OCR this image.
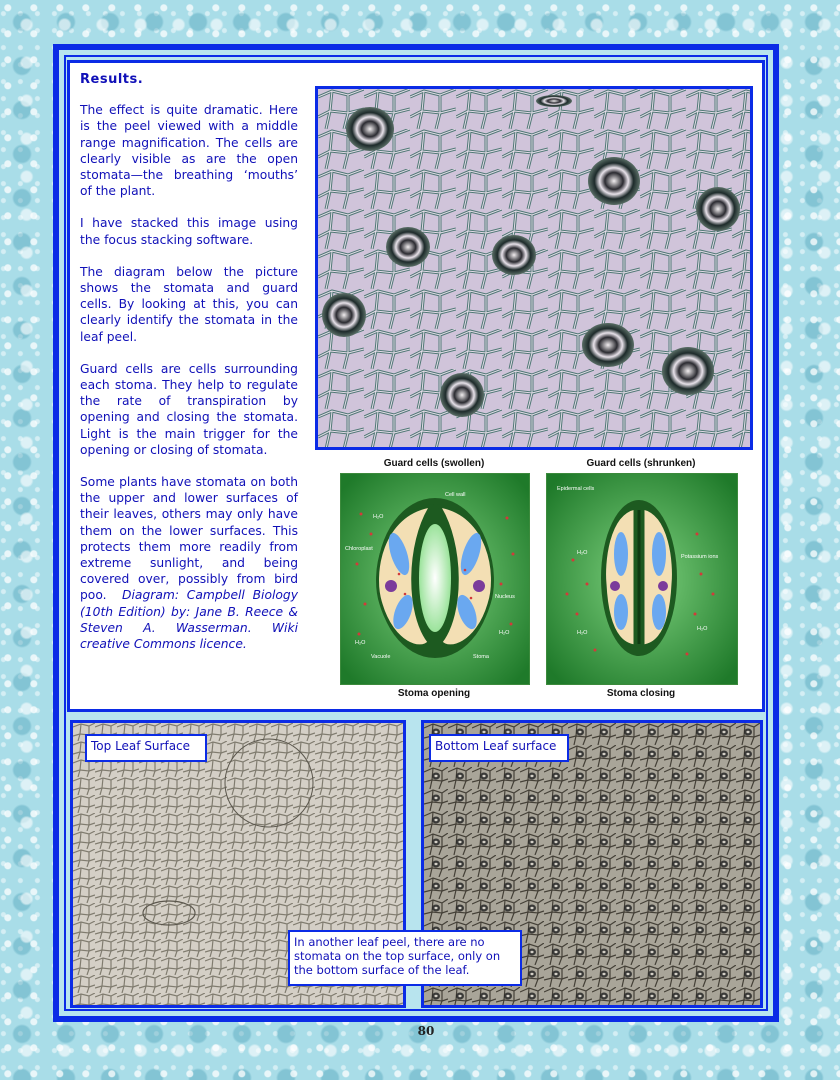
Results.

The effect is quite dramatic. Here is the peel viewed with a middle range magnification. The cells are clearly visible as are the open stomata—the breathing ‘mouths’ of the plant.

I have stacked this image using the focus stacking software.

The diagram below the picture shows the stomata and guard cells. By looking at this, you can clearly identify the stomata in the leaf peel.

Guard cells are cells surrounding each stoma. They help to regulate the rate of transpiration by opening and closing the stomata. Light is the main trigger for the opening or closing of stomata.

Some plants have stomata on both the upper and lower surfaces of their leaves, others may only have them on the lower surfaces. This protects them more readily from extreme sunlight, and being covered over, possibly from bird poo. Diagram: Campbell Biology (10th Edition) by: Jane B. Reece & Steven A. Wasserman. Wiki creative Commons licence.

Guard cells (swollen)	Guard cells (shrunken)
Cell wall
H₂O
Chloroplast
Nucleus
Vacuole	Stoma
H₂O
H₂O
Epidermal cells
H₂O
Potassium ions
H₂O
H₂O
Stoma opening	Stoma closing
Top Leaf Surface	Bottom Leaf surface
In another leaf peel, there are no stomata on the top surface, only on the bottom surface of the leaf.
80
